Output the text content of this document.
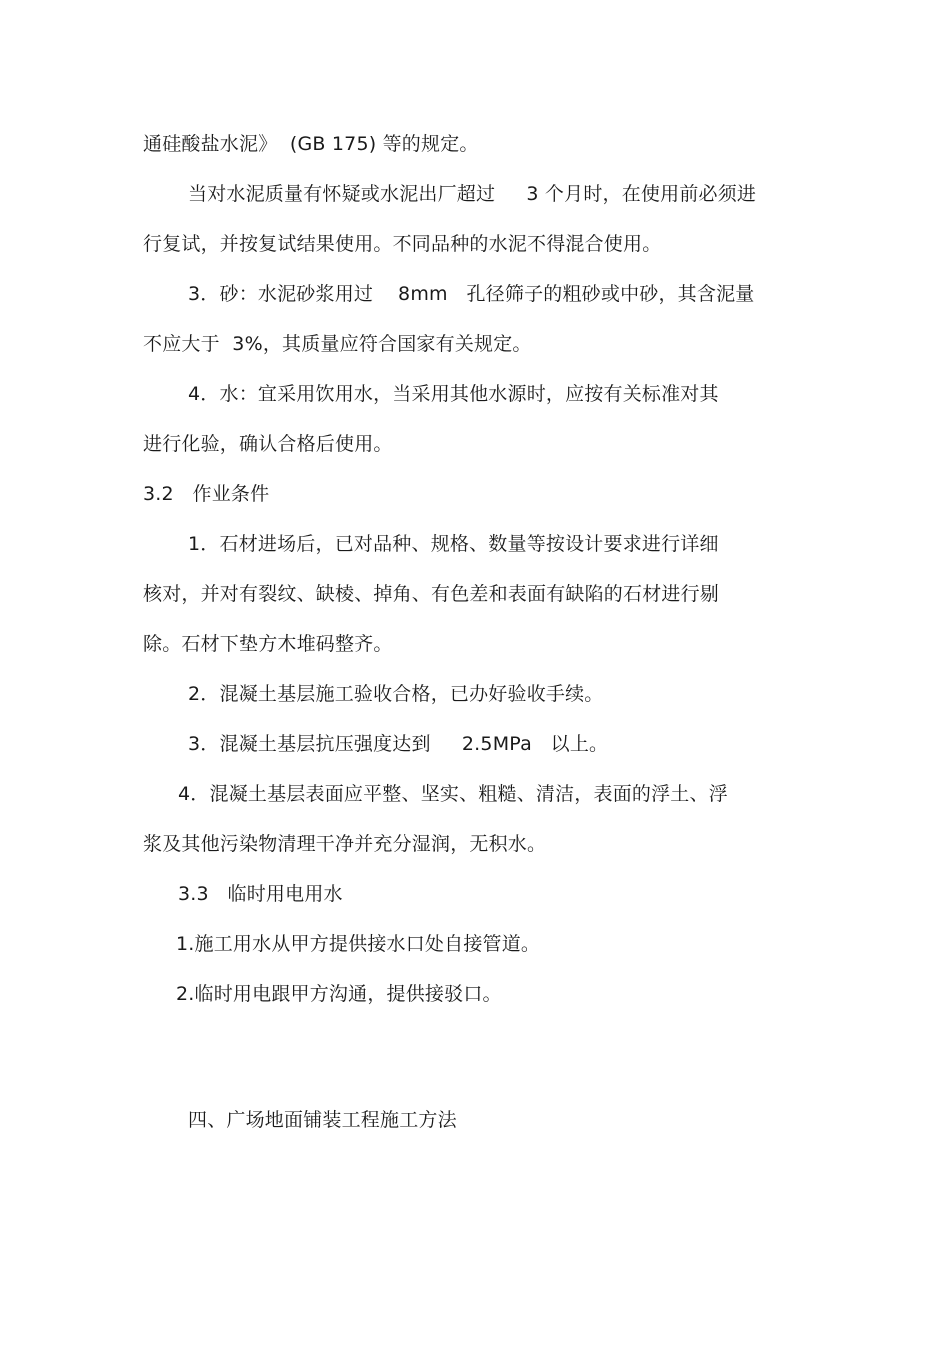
通硅酸盐水泥》  (GB 175) 等的规定。
当对水泥质量有怀疑或水泥出厂超过     3 个月时，在使用前必须进
行复试，并按复试结果使用。不同品种的水泥不得混合使用。
3．砂：水泥砂浆用过    8mm   孔径筛子的粗砂或中砂，其含泥量
不应大于  3%，其质量应符合国家有关规定。
4．水：宜采用饮用水，当采用其他水源时，应按有关标准对其
进行化验，确认合格后使用。
3.2   作业条件
1．石材进场后，已对品种、规格、数量等按设计要求进行详细
核对，并对有裂纹、缺棱、掉角、有色差和表面有缺陷的石材进行剔
除。石材下垫方木堆码整齐。
2．混凝土基层施工验收合格，已办好验收手续。
3．混凝土基层抗压强度达到     2.5MPa   以上。
4．混凝土基层表面应平整、坚实、粗糙、清洁，表面的浮土、浮
浆及其他污染物清理干净并充分湿润，无积水。
3.3   临时用电用水
1.施工用水从甲方提供接水口处自接管道。
2.临时用电跟甲方沟通，提供接驳口。
四、广场地面铺装工程施工方法
